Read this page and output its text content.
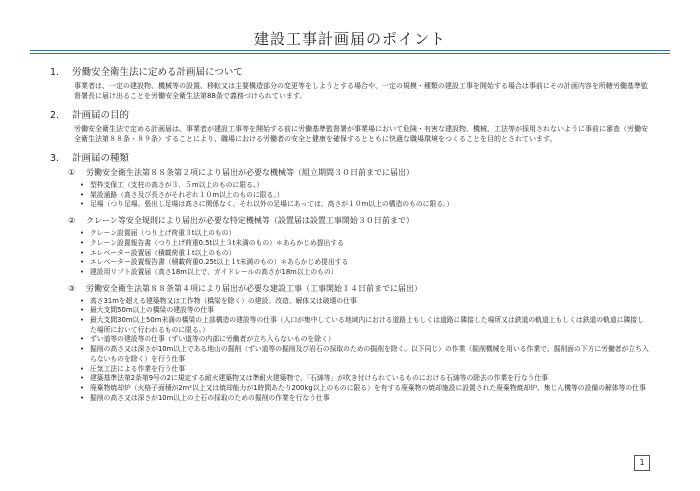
建設工事計画届のポイント
1. 労働安全衛生法に定める計画届について
事業者は、一定の建設物、機械等の設置、移転又は主要構造部分の変更等をしようとする場合や、一定の規模・種類の建設工事を開始する場合は事前にその計画内容を所轄労働基準監督署長に届け出ることを労働安全衛生法第88条で義務づけられています。
2. 計画届の目的
労働安全衛生法で定める計画届は、事業者が建設工事等を開始する前に労働基準監督署が事業場において危険・有害な建設物、機械、工法等が採用されないように事前に審査（労働安全衛生法第８８条・８９条）することにより、職場における労働者の安全と健康を確保するとともに快適な職場環境をつくることを目的とされています。
3. 計画届の種類
① 労働安全衛生法第８８条第２項により届出が必要な機械等（組立期間３０日前までに届出）
• 型枠支保工（支柱の高さが３．５m以上のものに限る。）
• 架設通路（高さ及び長さがそれぞれ１０m以上のものに限る。）
• 足場（つり足場、張出し足場は高さに関係なく、それ以外の足場にあっては、高さが１０m以上の構造のものに限る。）
② クレーン等安全規則により届出が必要な特定機械等（設置届は設置工事開始３０日前まで）
• クレーン設置届（つり上げ荷重３t以上のもの）
• クレーン設置報告書（つり上げ荷重0.5t以上３t未満のもの）＊あらかじめ提出する
• エレベーター設置届（積載荷重１t以上のもの）
• エレベーター設置報告書（積載荷重0.25t以上１t未満のもの）＊あらかじめ提出する
• 建設用リフト設置届（高さ18m以上で、ガイドレールの高さが18m以上のもの）
③ 労働安全衛生法第８８条第４項により届出が必要な建設工事（工事開始１４日前までに届出）
• 高さ31mを超える建築物又は工作物（橋梁を除く）の建設、改造、解体又は破壊の仕事
• 最大支間50m以上の橋梁の建設等の仕事
• 最大支間30m以上50m未満の橋梁の上部構造の建設等の仕事（人口が集中している地域内における道路上もしくは道路に隣接した場所又は鉄道の軌道上もしくは鉄道の軌道に隣接した場所において行われるものに限る。）
• ずい道等の建設等の仕事（ずい道等の内部に労働者が立ち入らないものを除く）
• 掘削の高さ又は深さが10m以上である地山の掘削（ずい道等の掘削及び岩石の採取のための掘削を除く。以下同じ）の作業（掘削機械を用いる作業で、掘削面の下方に労働者が立ち入らないものを除く）を行う仕事
• 圧気工法による作業を行う仕事
• 建築基準法第2条第9号の2に規定する耐火建築物又は準耐火建築物で、「石綿等」が吹き付けられているものにおける石綿等の除去の作業を行なう仕事
• 廃棄物焼却炉（火格子面積が2m²以上又は焼却能力が1時間あたり200kg以上のものに限る）を有する廃棄物の焼却施設に設置された廃棄物焼却炉、集じん機等の設備の解体等の仕事
• 掘削の高さ又は深さが10m以上の土石の採取のための掘削の作業を行なう仕事
1
